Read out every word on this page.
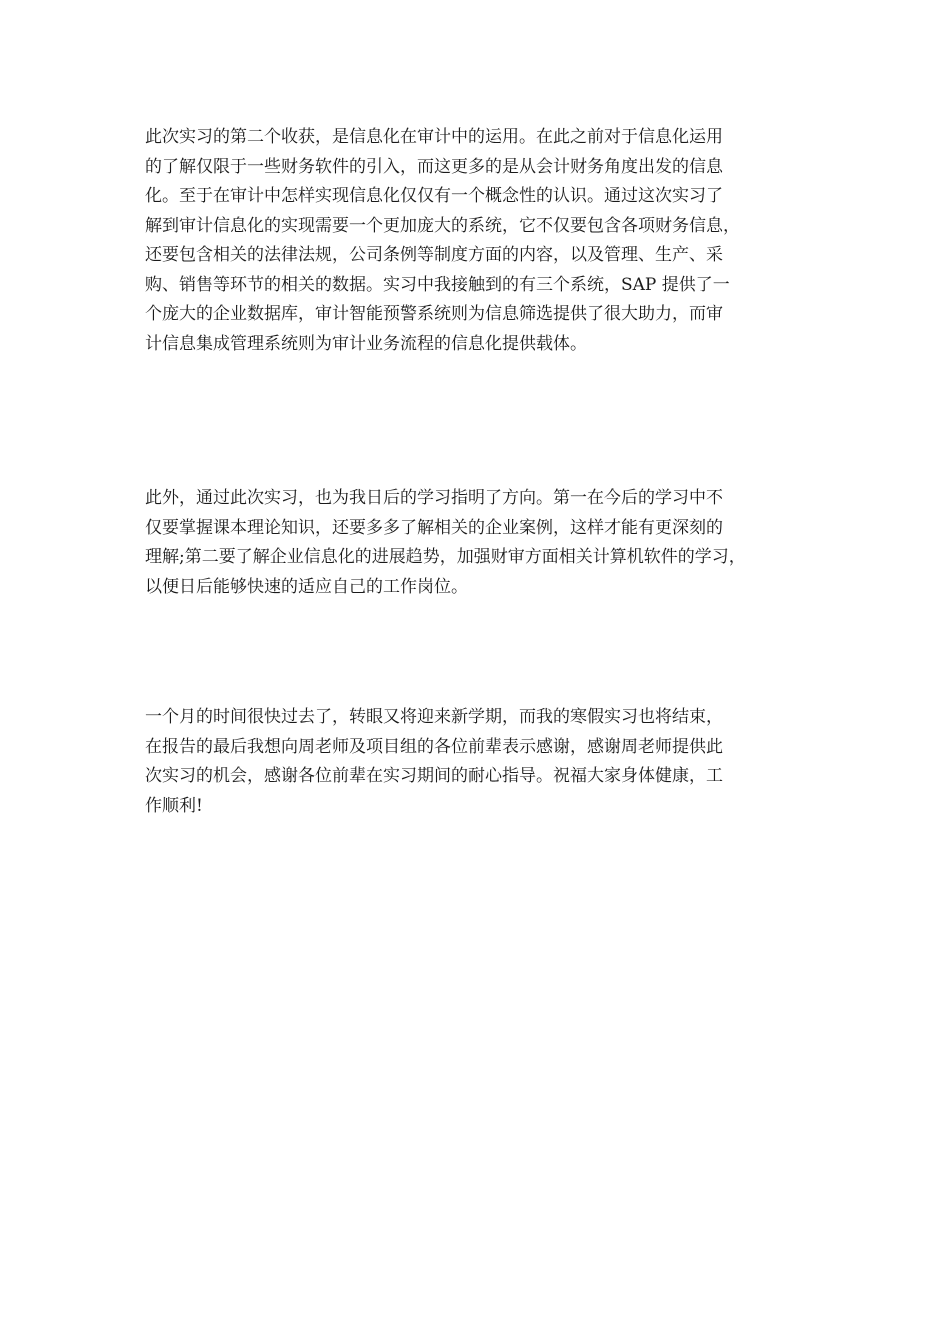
此次实习的第二个收获，是信息化在审计中的运用。在此之前对于信息化运用
的了解仅限于一些财务软件的引入，而这更多的是从会计财务角度出发的信息
化。至于在审计中怎样实现信息化仅仅有一个概念性的认识。通过这次实习了
解到审计信息化的实现需要一个更加庞大的系统，它不仅要包含各项财务信息，
还要包含相关的法律法规，公司条例等制度方面的内容，以及管理、生产、采
购、销售等环节的相关的数据。实习中我接触到的有三个系统，SAP 提供了一
个庞大的企业数据库，审计智能预警系统则为信息筛选提供了很大助力，而审
计信息集成管理系统则为审计业务流程的信息化提供载体。

此外，通过此次实习，也为我日后的学习指明了方向。第一在今后的学习中不
仅要掌握课本理论知识，还要多多了解相关的企业案例，这样才能有更深刻的
理解;第二要了解企业信息化的进展趋势，加强财审方面相关计算机软件的学习，
以便日后能够快速的适应自己的工作岗位。

一个月的时间很快过去了，转眼又将迎来新学期，而我的寒假实习也将结束，
在报告的最后我想向周老师及项目组的各位前辈表示感谢，感谢周老师提供此
次实习的机会，感谢各位前辈在实习期间的耐心指导。祝福大家身体健康，工
作顺利!
